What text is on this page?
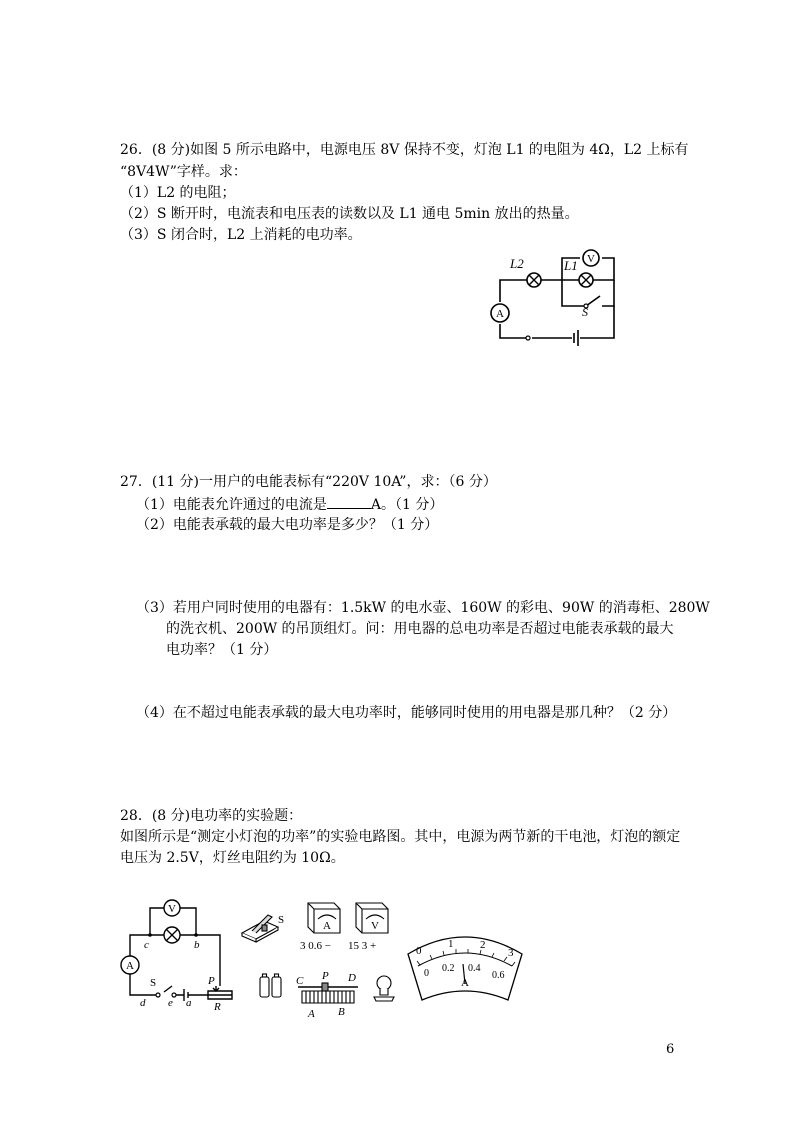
26．(8 分)如图 5 所示电路中，电源电压 8V 保持不变，灯泡 L1 的电阻为 4Ω，L2 上标有
“8V4W”字样。求：
（1）L2 的电阻；
（2）S 断开时，电流表和电压表的读数以及 L1 通电 5min 放出的热量。
（3）S 闭合时，L2 上消耗的电功率。
V
A
L2	L1
S
27．(11 分)一用户的电能表标有“220V 10A”，求：（6 分）
（1）电能表允许通过的电流是	A。（1 分）
（2）电能表承载的最大电功率是多少？（1 分）
（3）若用户同时使用的电器有：1.5kW 的电水壶、160W 的彩电、90W 的消毒柜、280W
的洗衣机、200W 的吊顶组灯。问：用电器的总电功率是否超过电能表承载的最大
电功率？（1 分）
（4）在不超过电能表承载的最大电功率时，能够同时使用的用电器是那几种？（2 分）
28．(8 分)电功率的实验题：
如图所示是“测定小灯泡的功率”的实验电路图。其中，电源为两节新的干电池，灯泡的额定
电压为 2.5V，灯丝电阻约为 10Ω。
V
A
c	b
S
d e a
P
R
S	A
3 0.6 −
V
15 3 +
C P D
A B
0
1 2
3
0 0.2 0.4
0.6
A
6
